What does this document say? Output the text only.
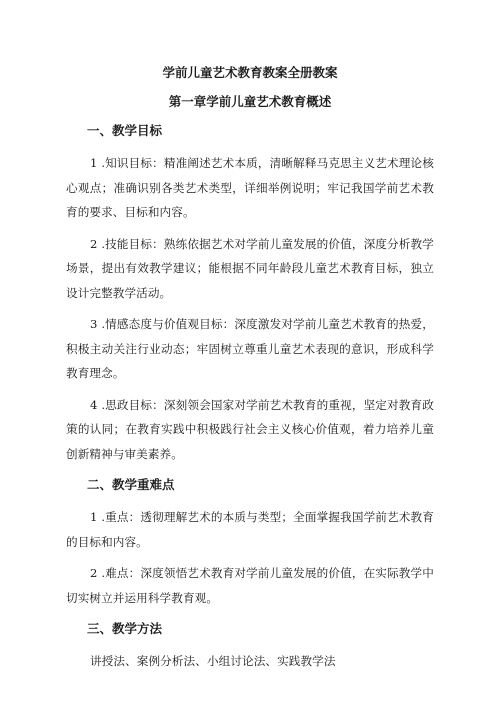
学前儿童艺术教育教案全册教案
第一章学前儿童艺术教育概述
一、教学目标

1 .知识目标：精准阐述艺术本质，清晰解释马克思主义艺术理论核心观点；准确识别各类艺术类型，详细举例说明；牢记我国学前艺术教育的要求、目标和内容。

2 .技能目标：熟练依据艺术对学前儿童发展的价值，深度分析教学场景，提出有效教学建议；能根据不同年龄段儿童艺术教育目标，独立设计完整教学活动。

3 .情感态度与价值观目标：深度激发对学前儿童艺术教育的热爱，积极主动关注行业动态；牢固树立尊重儿童艺术表现的意识，形成科学教育理念。

4 .思政目标：深刻领会国家对学前艺术教育的重视，坚定对教育政策的认同；在教育实践中积极践行社会主义核心价值观，着力培养儿童创新精神与审美素养。

二、教学重难点

1 .重点：透彻理解艺术的本质与类型；全面掌握我国学前艺术教育的目标和内容。

2 .难点：深度领悟艺术教育对学前儿童发展的价值，在实际教学中切实树立并运用科学教育观。

三、教学方法

讲授法、案例分析法、小组讨论法、实践教学法
